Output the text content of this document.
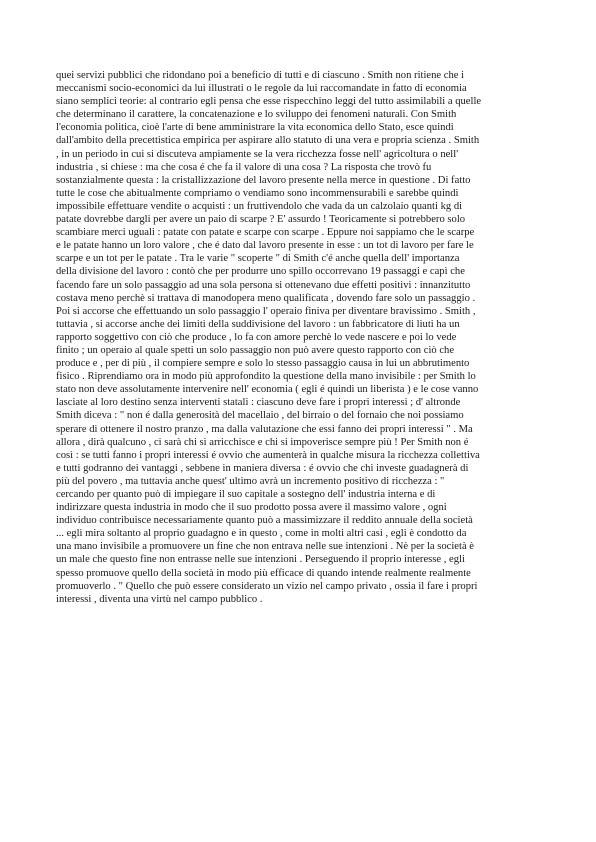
quei servizi pubblici che ridondano poi a beneficio di tutti e di ciascuno . Smith non ritiene che i
meccanismi socio-economici da lui illustrati o le regole da lui raccomandate in fatto di economia
siano semplici teorie: al contrario egli pensa che esse rispecchino leggi del tutto assimilabili a quelle
che determinano il carattere, la concatenazione e lo sviluppo dei fenomeni naturali. Con Smith
l'economia politica, cioè l'arte di bene amministrare la vita economica dello Stato, esce quindi
dall'ambito della precettistica empirica per aspirare allo statuto di una vera e propria scienza . Smith
, in un periodo in cui si discuteva ampiamente se la vera ricchezza fosse nell' agricoltura o nell'
industria , si chiese : ma che cosa é che fa il valore di una cosa ? La risposta che trovò fu
sostanzialmente questa : la cristallizzazione del lavoro presente nella merce in questione . Di fatto
tutte le cose che abitualmente compriamo o vendiamo sono incommensurabili e sarebbe quindi
impossibile effettuare vendite o acquisti : un fruttivendolo che vada da un calzolaio quanti kg di
patate dovrebbe dargli per avere un paio di scarpe ? E' assurdo ! Teoricamente si potrebbero solo
scambiare merci uguali : patate con patate e scarpe con scarpe . Eppure noi sappiamo che le scarpe
e le patate hanno un loro valore , che é dato dal lavoro presente in esse : un tot di lavoro per fare le
scarpe e un tot per le patate . Tra le varie " scoperte " di Smith c'é anche quella dell' importanza
della divisione del lavoro : contò che per produrre uno spillo occorrevano 19 passaggi e capì che
facendo fare un solo passaggio ad una sola persona si ottenevano due effetti positivi : innanzitutto
costava meno perchè si trattava di manodopera meno qualificata , dovendo fare solo un passaggio .
Poi si accorse che effettuando un solo passaggio l' operaio finiva per diventare bravissimo . Smith ,
tuttavia , si accorse anche dei limiti della suddivisione del lavoro : un fabbricatore di liuti ha un
rapporto soggettivo con ciò che produce , lo fa con amore perchè lo vede nascere e poi lo vede
finito ; un operaio al quale spetti un solo passaggio non può avere questo rapporto con ciò che
produce e , per di più , il compiere sempre e solo lo stesso passaggio causa in lui un abbrutimento
fisico . Riprendiamo ora in modo più approfondito la questione della mano invisibile : per Smith lo
stato non deve assolutamente intervenire nell' economia ( egli é quindi un liberista ) e le cose vanno
lasciate al loro destino senza interventi statali : ciascuno deve fare i propri interessi ; d' altronde
Smith diceva : " non é dalla generosità del macellaio , del birraio o del fornaio che noi possiamo
sperare di ottenere il nostro pranzo , ma dalla valutazione che essi fanno dei propri interessi " . Ma
allora , dirà qualcuno , ci sarà chi si arricchisce e chi si impoverisce sempre più ! Per Smith non é
così : se tutti fanno i propri interessi é ovvio che aumenterà in qualche misura la ricchezza collettiva
e tutti godranno dei vantaggi , sebbene in maniera diversa : é ovvio che chi investe guadagnerà di
più del povero , ma tuttavia anche quest' ultimo avrà un incremento positivo di ricchezza : "
cercando per quanto può di impiegare il suo capitale a sostegno dell' industria interna e di
indirizzare questa industria in modo che il suo prodotto possa avere il massimo valore , ogni
individuo contribuisce necessariamente quanto può a massimizzare il reddito annuale della società
... egli mira soltanto al proprio guadagno e in questo , come in molti altri casi , egli è condotto da
una mano invisibile a promuovere un fine che non entrava nelle sue intenzioni . Nè per la società è
un male che questo fine non entrasse nelle sue intenzioni . Perseguendo il proprio interesse , egli
spesso promuove quello della società in modo più efficace di quando intende realmente realmente
promuoverlo . " Quello che può essere considerato un vizio nel campo privato , ossia il fare i propri
interessi , diventa una virtù nel campo pubblico .
